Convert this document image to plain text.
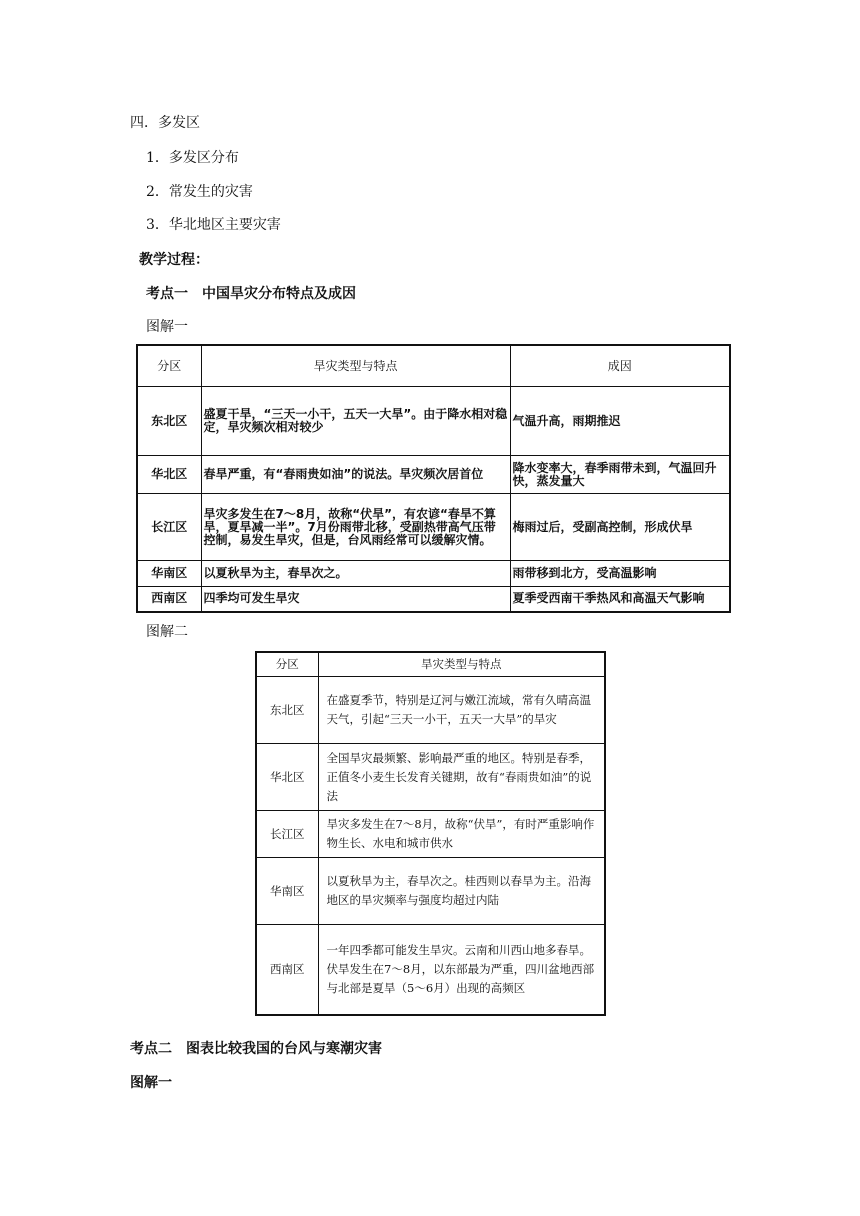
四．多发区
1．多发区分布
2．常发生的灾害
3．华北地区主要灾害
教学过程：
考点一　中国旱灾分布特点及成因
图解一
分区	旱灾类型与特点	成因
东北区	盛夏干旱，“三天一小干，五天一大旱”。由于降水相对稳定，旱灾频次相对较少	气温升高，雨期推迟
华北区	春旱严重，有“春雨贵如油”的说法。旱灾频次居首位	降水变率大，春季雨带未到，气温回升快，蒸发量大
长江区	旱灾多发生在7～8月，故称“伏旱”，有农谚“春旱不算旱，夏旱减一半”。7月份雨带北移，受副热带高气压带控制，易发生旱灾，但是，台风雨经常可以缓解灾情。	梅雨过后，受副高控制，形成伏旱
华南区	以夏秋旱为主，春旱次之。	雨带移到北方，受高温影响
西南区	四季均可发生旱灾	夏季受西南干季热风和高温天气影响
图解二
分区	旱灾类型与特点
东北区	在盛夏季节，特别是辽河与嫩江流域，常有久晴高温天气，引起“三天一小干，五天一大旱”的旱灾
华北区	全国旱灾最频繁、影响最严重的地区。特别是春季，正值冬小麦生长发育关键期，故有“春雨贵如油”的说法
长江区	旱灾多发生在7～8月，故称“伏旱”，有时严重影响作物生长、水电和城市供水
华南区	以夏秋旱为主，春旱次之。桂西则以春旱为主。沿海地区的旱灾频率与强度均超过内陆
西南区	一年四季都可能发生旱灾。云南和川西山地多春旱。伏旱发生在7～8月，以东部最为严重，四川盆地西部与北部是夏旱（5～6月）出现的高频区
考点二　图表比较我国的台风与寒潮灾害
图解一
